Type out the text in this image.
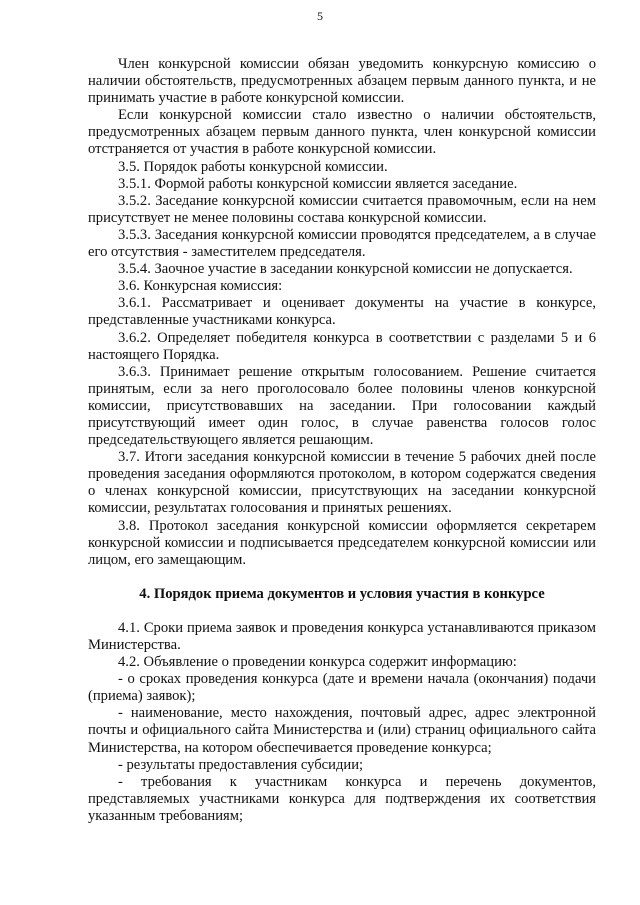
5

Член конкурсной комиссии обязан уведомить конкурсную комиссию о наличии обстоятельств, предусмотренных абзацем первым данного пункта, и не принимать участие в работе конкурсной комиссии.

Если конкурсной комиссии стало известно о наличии обстоятельств, предусмотренных абзацем первым данного пункта, член конкурсной комиссии отстраняется от участия в работе конкурсной комиссии.

3.5. Порядок работы конкурсной комиссии.

3.5.1. Формой работы конкурсной комиссии является заседание.

3.5.2. Заседание конкурсной комиссии считается правомочным, если на нем присутствует не менее половины состава конкурсной комиссии.

3.5.3. Заседания конкурсной комиссии проводятся председателем, а в случае его отсутствия - заместителем председателя.

3.5.4. Заочное участие в заседании конкурсной комиссии не допускается.

3.6. Конкурсная комиссия:

3.6.1. Рассматривает и оценивает документы на участие в конкурсе, представленные участниками конкурса.

3.6.2. Определяет победителя конкурса в соответствии с разделами 5 и 6 настоящего Порядка.

3.6.3. Принимает решение открытым голосованием. Решение считается принятым, если за него проголосовало более половины членов конкурсной комиссии, присутствовавших на заседании. При голосовании каждый присутствующий имеет один голос, в случае равенства голосов голос председательствующего является решающим.

3.7. Итоги заседания конкурсной комиссии в течение 5 рабочих дней после проведения заседания оформляются протоколом, в котором содержатся сведения о членах конкурсной комиссии, присутствующих на заседании конкурсной комиссии, результатах голосования и принятых решениях.

3.8. Протокол заседания конкурсной комиссии оформляется секретарем конкурсной комиссии и подписывается председателем конкурсной комиссии или лицом, его замещающим.

4. Порядок приема документов и условия участия в конкурсе

4.1. Сроки приема заявок и проведения конкурса устанавливаются приказом Министерства.

4.2. Объявление о проведении конкурса содержит информацию:

- о сроках проведения конкурса (дате и времени начала (окончания) подачи (приема) заявок);

- наименование, место нахождения, почтовый адрес, адрес электронной почты и официального сайта Министерства и (или) страниц официального сайта Министерства, на котором обеспечивается проведение конкурса;

- результаты предоставления субсидии;

- требования к участникам конкурса и перечень документов, представляемых участниками конкурса для подтверждения их соответствия указанным требованиям;
